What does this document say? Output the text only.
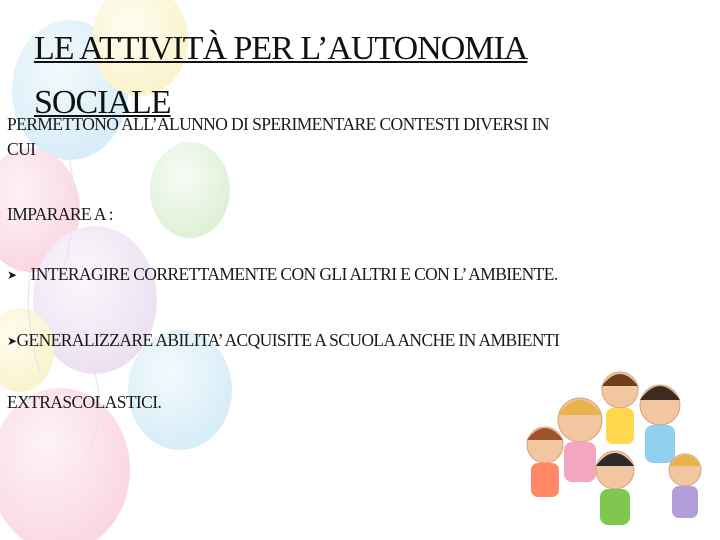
LE ATTIVITÀ PER L’AUTONOMIA SOCIALE

PERMETTONO ALL’ALUNNO DI SPERIMENTARE CONTESTI DIVERSI IN CUI

IMPARARE A :

➤ INTERAGIRE CORRETTAMENTE CON GLI ALTRI E CON L’ AMBIENTE.

➤GENERALIZZARE ABILITA’ ACQUISITE A SCUOLA ANCHE IN AMBIENTI

EXTRASCOLASTICI.
